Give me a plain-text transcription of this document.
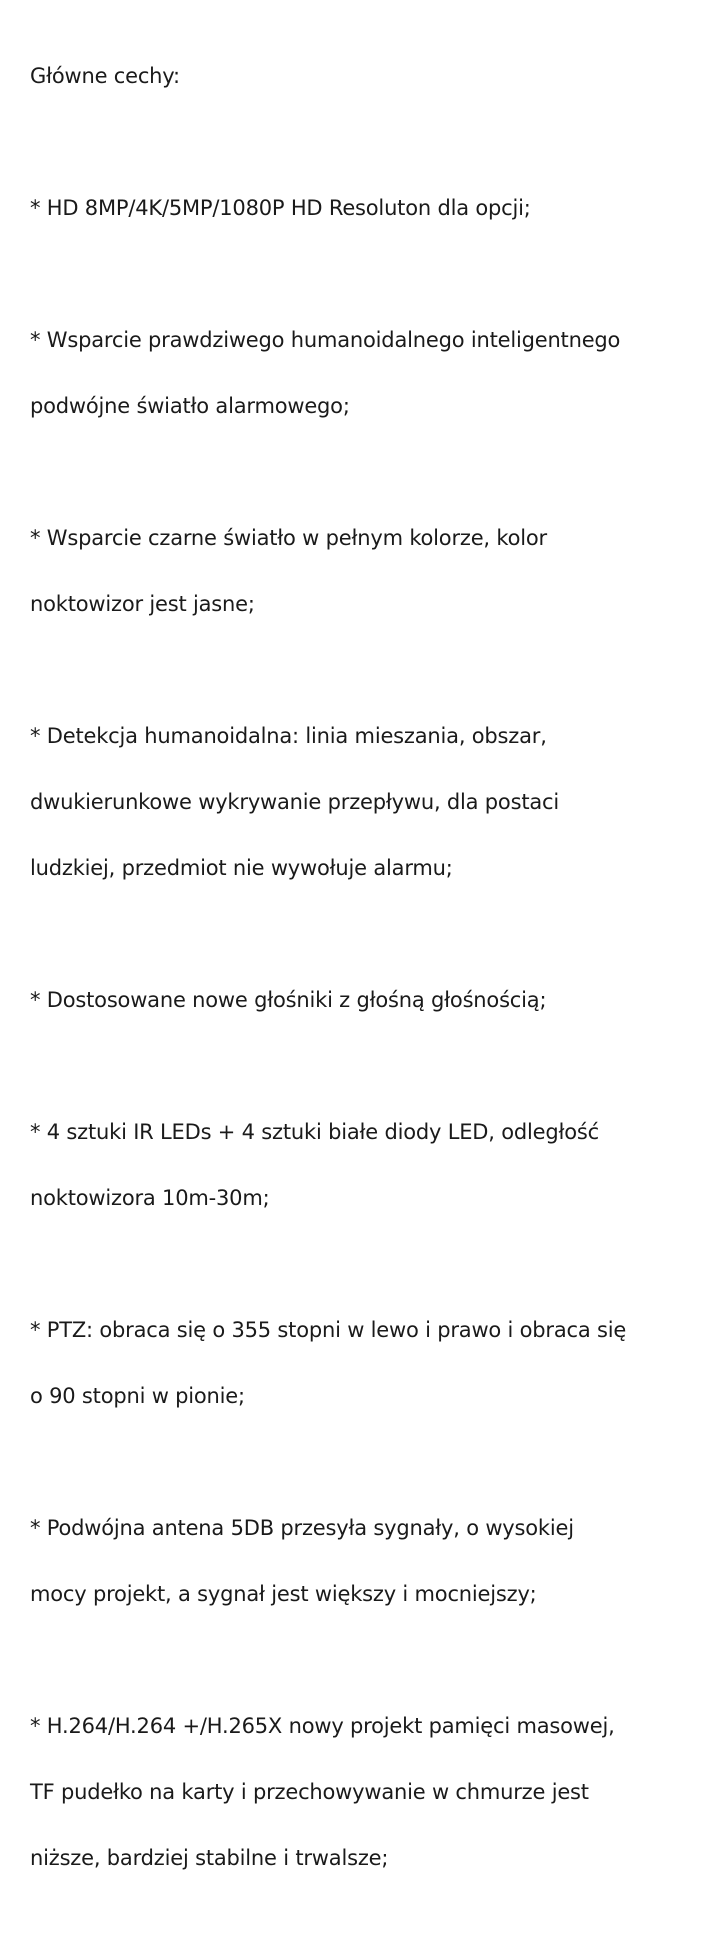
Główne cechy:

* HD 8MP/4K/5MP/1080P HD Resoluton dla opcji;

* Wsparcie prawdziwego humanoidalnego inteligentnego

podwójne światło alarmowego;

* Wsparcie czarne światło w pełnym kolorze, kolor

noktowizor jest jasne;

* Detekcja humanoidalna: linia mieszania, obszar,

dwukierunkowe wykrywanie przepływu, dla postaci

ludzkiej, przedmiot nie wywołuje alarmu;

* Dostosowane nowe głośniki z głośną głośnością;

* 4 sztuki IR LEDs + 4 sztuki białe diody LED, odległość

noktowizora 10m-30m;

* PTZ: obraca się o 355 stopni w lewo i prawo i obraca się

o 90 stopni w pionie;

* Podwójna antena 5DB przesyła sygnały, o wysokiej

mocy projekt, a sygnał jest większy i mocniejszy;

* H.264/H.264 +/H.265X nowy projekt pamięci masowej,

TF pudełko na karty i przechowywanie w chmurze jest

niższe, bardziej stabilne i trwalsze;
